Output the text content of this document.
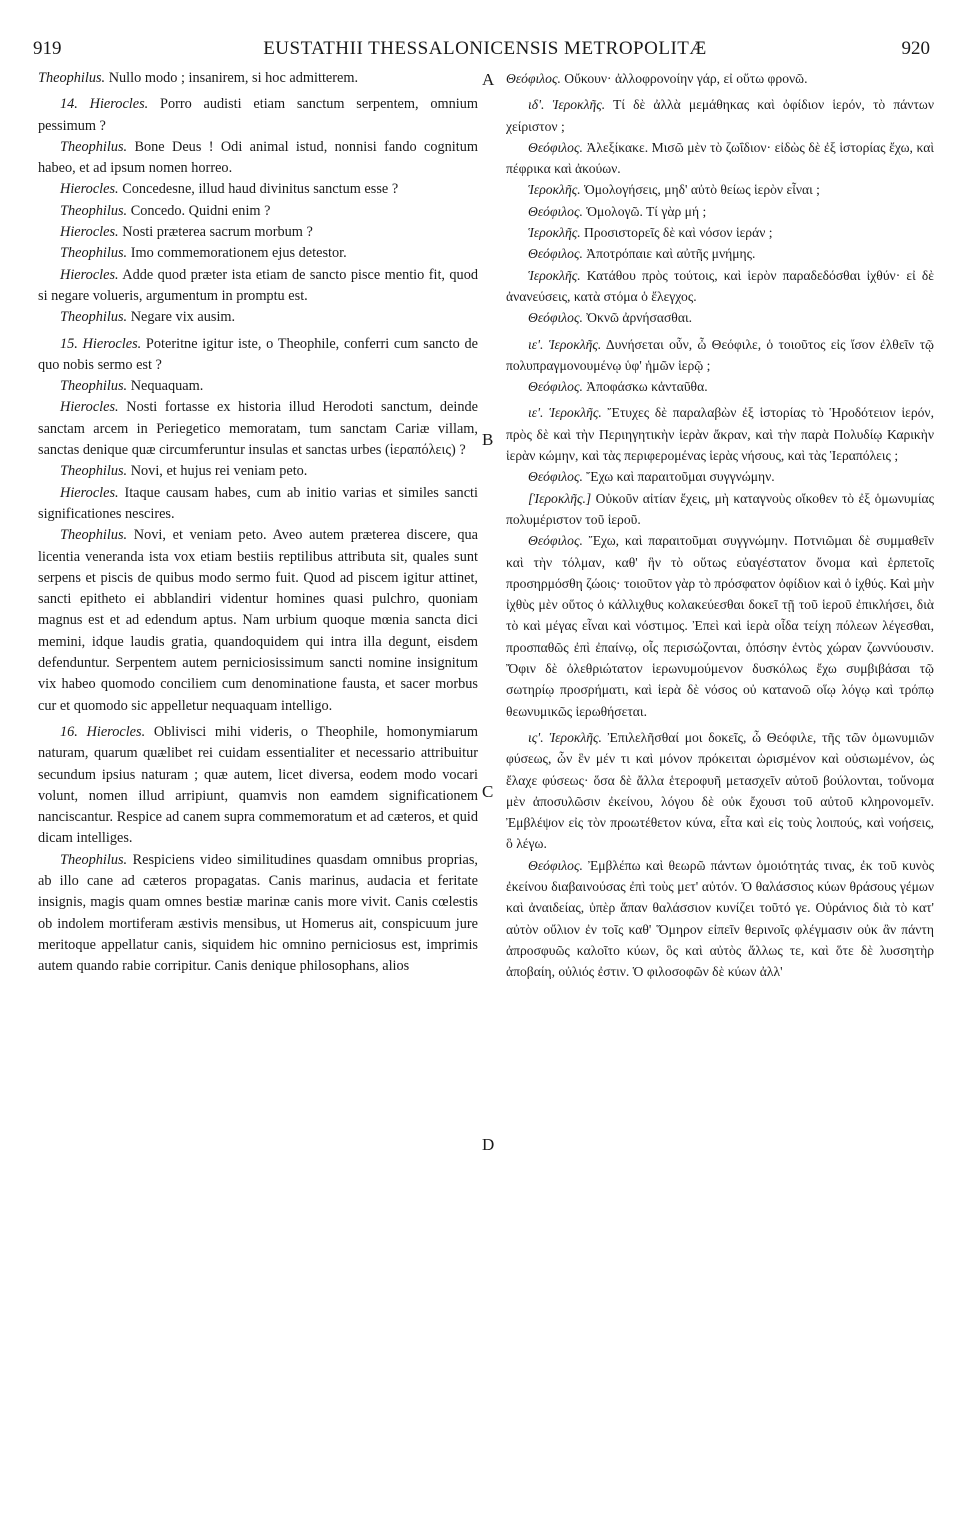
919	EUSTATHII THESSALONICENSIS METROPOLITÆ	920
A
B
C
D

Theophilus. Nullo modo ; insanirem, si hoc admitterem.

14. Hierocles. Porro audisti etiam sanctum serpentem, omnium pessimum ?

Theophilus. Bone Deus ! Odi animal istud, nonnisi fando cognitum habeo, et ad ipsum nomen horreo.

Hierocles. Concedesne, illud haud divinitus sanctum esse ?

Theophilus. Concedo. Quidni enim ?

Hierocles. Nosti præterea sacrum morbum ?

Theophilus. Imo commemorationem ejus detestor.

Hierocles. Adde quod præter ista etiam de sancto pisce mentio fit, quod si negare volueris, argumentum in promptu est.

Theophilus. Negare vix ausim.

15. Hierocles. Poteritne igitur iste, o Theophile, conferri cum sancto de quo nobis sermo est ?

Theophilus. Nequaquam.

Hierocles. Nosti fortasse ex historia illud Herodoti sanctum, deinde sanctam arcem in Periegetico memoratam, tum sanctam Cariæ villam, sanctas denique quæ circumferuntur insulas et sanctas urbes (ἱεραπόλεις) ?

Theophilus. Novi, et hujus rei veniam peto.

Hierocles. Itaque causam habes, cum ab initio varias et similes sancti significationes nescires.

Theophilus. Novi, et veniam peto. Aveo autem præterea discere, qua licentia veneranda ista vox etiam bestiis reptilibus attributa sit, quales sunt serpens et piscis de quibus modo sermo fuit. Quod ad piscem igitur attinet, sancti epitheto ei abblandiri videntur homines quasi pulchro, quoniam magnus est et ad edendum aptus. Nam urbium quoque mœnia sancta dici memini, idque laudis gratia, quandoquidem qui intra illa degunt, eisdem defenduntur. Serpentem autem perniciosissimum sancti nomine insignitum vix habeo quomodo conciliem cum denominatione fausta, et sacer morbus cur et quomodo sic appelletur nequaquam intelligo.

16. Hierocles. Oblivisci mihi videris, o Theophile, homonymiarum naturam, quarum quælibet rei cuidam essentialiter et necessario attribuitur secundum ipsius naturam ; quæ autem, licet diversa, eodem modo vocari volunt, nomen illud arripiunt, quamvis non eamdem significationem nanciscantur. Respice ad canem supra commemoratum et ad cæteros, et quid dicam intelliges.

Theophilus. Respiciens video similitudines quasdam omnibus proprias, ab illo cane ad cæteros propagatas. Canis marinus, audacia et feritate insignis, magis quam omnes bestiæ marinæ canis more vivit. Canis cœlestis ob indolem mortiferam æstivis mensibus, ut Homerus ait, conspicuum jure meritoque appellatur canis, siquidem hic omnino perniciosus est, imprimis autem quando rabie corripitur. Canis denique philosophans, alios

Θεόφιλος. Οὔκουν· ἀλλοφρονοίην γάρ, εἰ οὕτω φρονῶ.

ιδ'. Ἱεροκλῆς. Τί δὲ ἀλλὰ μεμάθηκας καὶ ὀφίδιον ἱερόν, τὸ πάντων χείριστον ;

Θεόφιλος. Ἀλεξίκακε. Μισῶ μὲν τὸ ζωΐδιον· εἰδὼς δὲ ἐξ ἱστορίας ἔχω, καὶ πέφρικα καὶ ἀκούων.

Ἱεροκλῆς. Ὁμολογήσεις, μηδ' αὐτὸ θείως ἱερὸν εἶναι ;

Θεόφιλος. Ὁμολογῶ. Τί γὰρ μή ;

Ἱεροκλῆς. Προσιστορεῖς δὲ καὶ νόσον ἱεράν ;

Θεόφιλος. Ἀποτρόπαιε καὶ αὐτῆς μνήμης.

Ἱεροκλῆς. Κατάθου πρὸς τούτοις, καὶ ἱερὸν παραδεδόσθαι ἰχθύν· εἰ δὲ ἀνανεύσεις, κατὰ στόμα ὁ ἔλεγχος.

Θεόφιλος. Ὀκνῶ ἀρνήσασθαι.

ιε'. Ἱεροκλῆς. Δυνήσεται οὖν, ὦ Θεόφιλε, ὁ τοιοῦτος εἰς ἴσον ἐλθεῖν τῷ πολυπραγμονουμένῳ ὑφ' ἡμῶν ἱερῷ ;

Θεόφιλος. Ἀποφάσκω κἀνταῦθα.

ιε'. Ἱεροκλῆς. Ἔτυχες δὲ παραλαβὼν ἐξ ἱστορίας τὸ Ἡροδότειον ἱερόν, πρὸς δὲ καὶ τὴν Περιηγητικὴν ἱερὰν ἄκραν, καὶ τὴν παρὰ Πολυδίῳ Καρικὴν ἱερὰν κώμην, καὶ τὰς περιφερομένας ἱερὰς νήσους, καὶ τὰς Ἱεραπόλεις ;

Θεόφιλος. Ἔχω καὶ παραιτοῦμαι συγγνώμην.

[Ἱεροκλῆς.] Οὐκοῦν αἰτίαν ἔχεις, μὴ καταγνοὺς οἴκοθεν τὸ ἐξ ὁμωνυμίας πολυμέριστον τοῦ ἱεροῦ.

Θεόφιλος. Ἔχω, καὶ παραιτοῦμαι συγγνώμην. Ποτνιῶμαι δὲ συμμαθεῖν καὶ τὴν τόλμαν, καθ' ἣν τὸ οὕτως εὐαγέστατον ὄνομα καὶ ἑρπετοῖς προσηρμόσθη ζώοις· τοιοῦτον γὰρ τὸ πρόσφατον ὀφίδιον καὶ ὁ ἰχθύς. Καὶ μὴν ἰχθὺς μὲν οὕτος ὁ κάλλιχθυς κολακεύεσθαι δοκεῖ τῇ τοῦ ἱεροῦ ἐπικλήσει, διὰ τὸ καὶ μέγας εἶναι καὶ νόστιμος. Ἐπεὶ καὶ ἱερὰ οἶδα τείχη πόλεων λέγεσθαι, προσπαθῶς ἐπὶ ἐπαίνῳ, οἷς περισώζονται, ὁπόσην ἐντὸς χώραν ζωννύουσιν. Ὄφιν δὲ ὀλεθριώτατον ἱερωνυμούμενον δυσκόλως ἔχω συμβιβάσαι τῷ σωτηρίῳ προσρήματι, καὶ ἱερὰ δὲ νόσος οὐ κατανοῶ οἵῳ λόγῳ καὶ τρόπῳ θεωνυμικῶς ἱερωθήσεται.

ις'. Ἱεροκλῆς. Ἐπιλελῆσθαί μοι δοκεῖς, ὦ Θεόφιλε, τῆς τῶν ὁμωνυμιῶν φύσεως, ὧν ἓν μέν τι καὶ μόνον πρόκειται ὡρισμένον καὶ οὐσιωμένον, ὡς ἔλαχε φύσεως· ὅσα δὲ ἄλλα ἑτεροφυῆ μετασχεῖν αὐτοῦ βούλονται, τοὔνομα μὲν ἀποσυλῶσιν ἐκείνου, λόγου δὲ οὐκ ἔχουσι τοῦ αὐτοῦ κληρονομεῖν. Ἐμβλέψον εἰς τὸν προωτέθετον κύνα, εἶτα καὶ εἰς τοὺς λοιπούς, καὶ νοήσεις, ὃ λέγω.

Θεόφιλος. Ἐμβλέπω καὶ θεωρῶ πάντων ὁμοιότητάς τινας, ἐκ τοῦ κυνὸς ἐκείνου διαβαινούσας ἐπὶ τοὺς μετ' αὐτόν. Ὁ θαλάσσιος κύων θράσους γέμων καὶ ἀναιδείας, ὑπὲρ ἅπαν θαλάσσιον κυνίζει τοῦτό γε. Οὐράνιος διὰ τὸ κατ' αὐτὸν οὔλιον ἐν τοῖς καθ' Ὅμηρον εἰπεῖν θερινοῖς φλέγμασιν οὐκ ἂν πάντη ἀπροσφυῶς καλοῖτο κύων, ὃς καὶ αὐτὸς ἄλλως τε, καὶ ὅτε δὲ λυσσητὴρ ἀποβαίη, οὐλιός ἐστιν. Ὁ φιλοσοφῶν δὲ κύων ἀλλ'
